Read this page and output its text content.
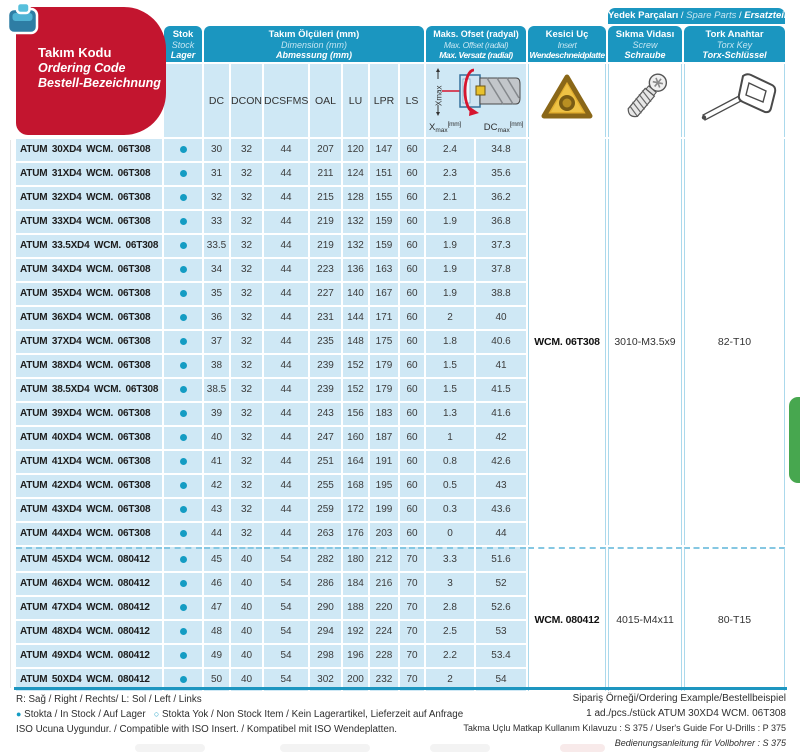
Takım Kodu
Ordering Code
Bestell-Bezeichnung
												Yedek Parçaları / Spare Parts / Ersatzteile	

Stok
Stock
Lager

Takım Ölçüleri (mm)
Dimension (mm)
Abmessung (mm)

Maks. Ofset (radyal)
Max. Offset (radial)
Max. Versatz (radial)

Kesici Uç
Insert
Wendeschneidplatte

Sıkma Vidası
Screw
Schraube

Tork Anahtar
Torx Key
Torx-Schlüssel

		DC	DCON	DCSFMS	OAL	LU	LPR	LS	Xmax
$X_{max}[mm]$ $DC_{max}[mm]$

ATUM 30XD4 WCM. 06T308		30	32	44	207	120	147	60	2.4	34.8	WCM. 06T308	3010-M3.5x9	82-T10
ATUM 31XD4 WCM. 06T308		31	32	44	211	124	151	60	2.3	35.6			
ATUM 32XD4 WCM. 06T308		32	32	44	215	128	155	60	2.1	36.2			
ATUM 33XD4 WCM. 06T308		33	32	44	219	132	159	60	1.9	36.8			
ATUM 33.5XD4 WCM. 06T308		33.5	32	44	219	132	159	60	1.9	37.3			
ATUM 34XD4 WCM. 06T308		34	32	44	223	136	163	60	1.9	37.8			
ATUM 35XD4 WCM. 06T308		35	32	44	227	140	167	60	1.9	38.8			
ATUM 36XD4 WCM. 06T308		36	32	44	231	144	171	60	2	40			
ATUM 37XD4 WCM. 06T308		37	32	44	235	148	175	60	1.8	40.6			
ATUM 38XD4 WCM. 06T308		38	32	44	239	152	179	60	1.5	41			
ATUM 38.5XD4 WCM. 06T308		38.5	32	44	239	152	179	60	1.5	41.5			
ATUM 39XD4 WCM. 06T308		39	32	44	243	156	183	60	1.3	41.6			
ATUM 40XD4 WCM. 06T308		40	32	44	247	160	187	60	1	42			
ATUM 41XD4 WCM. 06T308		41	32	44	251	164	191	60	0.8	42.6			
ATUM 42XD4 WCM. 06T308		42	32	44	255	168	195	60	0.5	43			
ATUM 43XD4 WCM. 06T308		43	32	44	259	172	199	60	0.3	43.6			
ATUM 44XD4 WCM. 06T308		44	32	44	263	176	203	60	0	44			
ATUM 45XD4 WCM. 080412		45	40	54	282	180	212	70	3.3	51.6	WCM. 080412	4015-M4x11	80-T15
ATUM 46XD4 WCM. 080412		46	40	54	286	184	216	70	3	52			
ATUM 47XD4 WCM. 080412		47	40	54	290	188	220	70	2.8	52.6			
ATUM 48XD4 WCM. 080412		48	40	54	294	192	224	70	2.5	53			
ATUM 49XD4 WCM. 080412		49	40	54	298	196	228	70	2.2	53.4			
ATUM 50XD4 WCM. 080412		50	40	54	302	200	232	70	2	54			
R: Sağ / Right / Rechts/ L: Sol / Left / Links
● Stokta / In Stock / Auf Lager ○ Stokta Yok / Non Stock Item / Kein Lagerartikel, Lieferzeit auf Anfrage
ISO Ucuna Uygundur. / Compatible with ISO Insert. / Kompatibel mit ISO Wendeplatten.
Sipariş Örneği/Ordering Example/Bestellbeispiel
1 ad./pcs./stück ATUM 30XD4 WCM. 06T308
Takma Uçlu Matkap Kullanım Kılavuzu : S 375 / User's Guide For U-Drills : P 375
Bedienungsanleitung für Vollbohrer : S 375
